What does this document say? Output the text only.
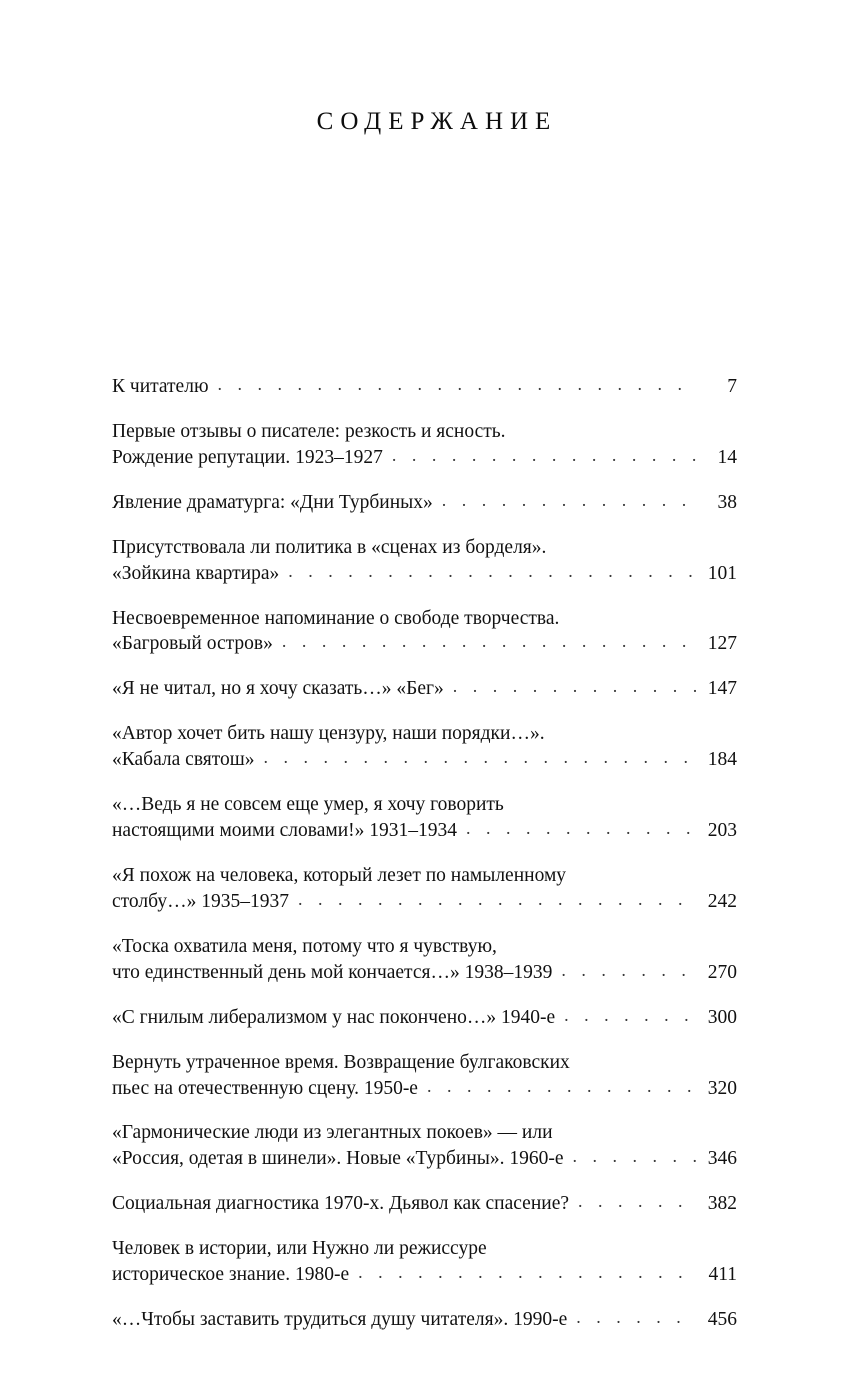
СОДЕРЖАНИЕ
К читателю . . .	7
Первые отзывы о писателе: резкость и ясность.
Рождение репутации. 1923–1927 . . .	14
Явление драматурга: «Дни Турбиных» . . .	38
Присутствовала ли политика в «сценах из борделя».
«Зойкина квартира» . . .	101
Несвоевременное напоминание о свободе творчества.
«Багровый остров» . . .	127
«Я не читал, но я хочу сказать…» «Бег» . . .	147
«Автор хочет бить нашу цензуру, наши порядки…».
«Кабала святош» . . .	184
«…Ведь я не совсем еще умер, я хочу говорить
настоящими моими словами!» 1931–1934 . . .	203
«Я похож на человека, который лезет по намыленному
столбу…» 1935–1937 . . .	242
«Тоска охватила меня, потому что я чувствую,
что единственный день мой кончается…» 1938–1939 . . .	270
«С гнилым либерализмом у нас покончено…» 1940-е . . .	300
Вернуть утраченное время. Возвращение булгаковских
пьес на отечественную сцену. 1950-е . . .	320
«Гармонические люди из элегантных покоев» — или
«Россия, одетая в шинели». Новые «Турбины». 1960-е . . .	346
Социальная диагностика 1970-х. Дьявол как спасение? . . .	382
Человек в истории, или Нужно ли режиссуре
историческое знание. 1980-е . . .	411
«…Чтобы заставить трудиться душу читателя». 1990-е . . .	456
